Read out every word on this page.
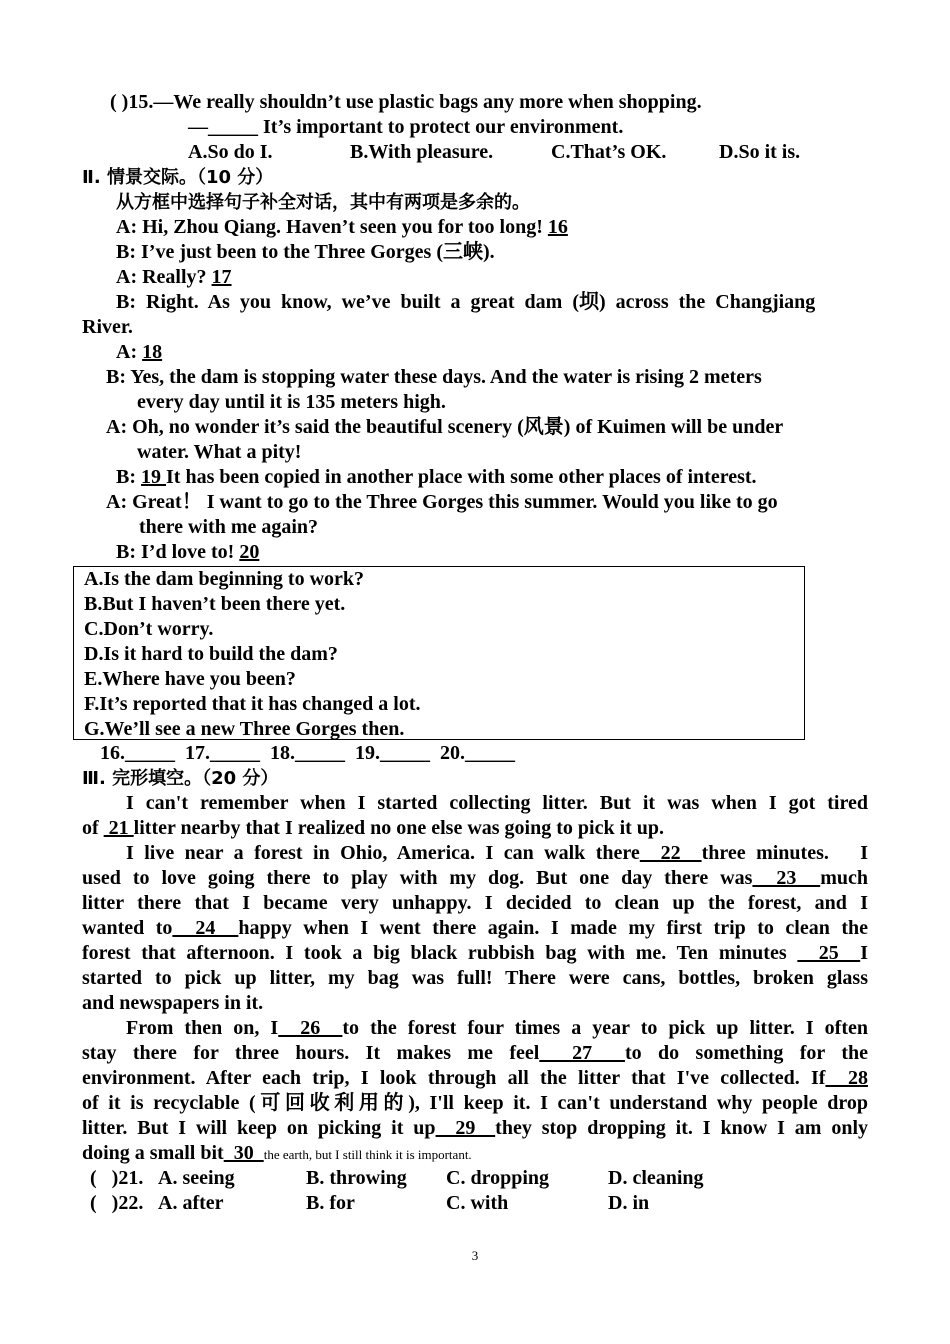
( )15.—We really shouldn’t use plastic bags any more when shopping.
—_____ It’s important to protect our environment.
A.So do I.	B.With pleasure.	C.That’s OK.	D.So it is.
Ⅱ. 情景交际。（10 分）
从方框中选择句子补全对话，其中有两项是多余的。
A: Hi, Zhou Qiang. Haven’t seen you for too long! 16
B: I’ve just been to the Three Gorges (三峡).
A: Really? 17
B:  Right.  As  you  know,  we’ve  built  a  great  dam  (坝)  across  the  Changjiang
River.
A: 18
B: Yes, the dam is stopping water these days. And the water is rising 2 meters
every day until it is 135 meters high.
A: Oh, no wonder it’s said the beautiful scenery (风景) of Kuimen will be under
water. What a pity!
B: 19 It has been copied in another place with some other places of interest.
A: Great！ I want to go to the Three Gorges this summer. Would you like to go
there with me again?
B: I’d love to! 20
A.Is the dam beginning to work?
B.But I haven’t been there yet.
C.Don’t worry.
D.Is it hard to build the dam?
E.Where have you been?
F.It’s reported that it has changed a lot.
G.We’ll see a new Three Gorges then.
16._____  17._____  18._____  19._____  20._____
Ⅲ. 完形填空。（20 分）
I can't remember when I started collecting litter. But it was when I got tired
of  21 litter nearby that I realized no one else was going to pick it up.
I live near a forest in Ohio, America. I can walk there  22  three minutes.   I
used to love going there to play with my dog. But one day there was  23  much
litter there that I became very unhappy. I decided to clean up the forest, and I
wanted to  24  happy when I went there again. I made my first trip to clean the
forest that afternoon. I took a big black rubbish bag with me. Ten minutes   25  I
started to pick up litter, my bag was full! There were cans, bottles, broken glass
and newspapers in it.
From then on, I  26  to the forest four times a year to pick up litter. I often
stay  there  for  three  hours.  It  makes  me  feel    27    to  do  something  for  the
environment. After each trip, I look through all the litter that I've collected. If  28
of it is recyclable (可回收利用的), I'll keep it. I can't understand why people drop
litter. But I will keep on picking it up  29  they stop dropping it. I know I am only
doing a small bit  30  the earth, but I still think it is important.
(   )21. A. seeing	B. throwing C. dropping	D. cleaning
(   )22. A. after	B. for	C. with	D. in
3
